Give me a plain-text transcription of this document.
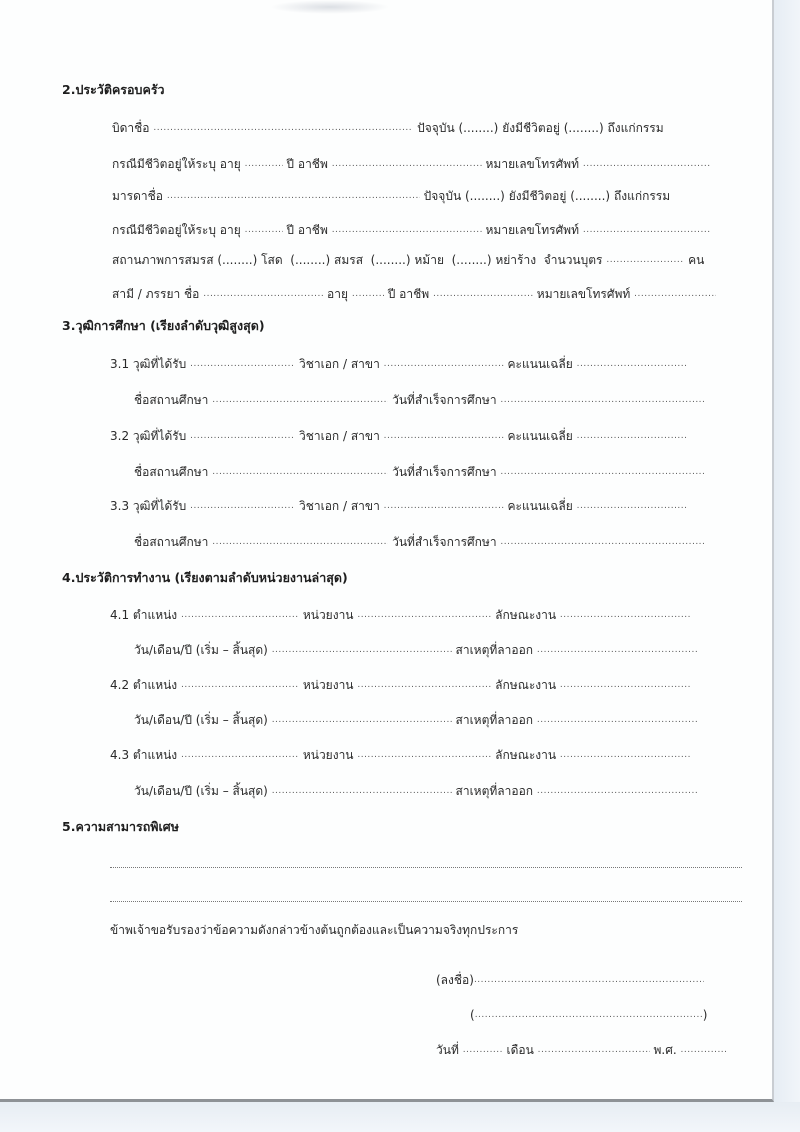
2.ประวัติครอบครัว
บิดาชื่อ .....	ปัจจุบัน (........) ยังมีชีวิตอยู่ (........) ถึงแก่กรรม
กรณีมีชีวิตอยู่ให้ระบุ อายุ .....	ปี อาชีพ .....	หมายเลขโทรศัพท์ .....
มารดาชื่อ .....	ปัจจุบัน (........) ยังมีชีวิตอยู่ (........) ถึงแก่กรรม
กรณีมีชีวิตอยู่ให้ระบุ อายุ .....	ปี อาชีพ .....	หมายเลขโทรศัพท์ .....
สถานภาพการสมรส (........) โสด (........) สมรส (........) หม้าย (........) หย่าร้าง จำนวนบุตร .....	คน
สามี / ภรรยา ชื่อ .....	อายุ .....	ปี อาชีพ .....	หมายเลขโทรศัพท์ .....
3.วุฒิการศึกษา (เรียงลำดับวุฒิสูงสุด)
3.1 วุฒิที่ได้รับ .....	วิชาเอก / สาขา .....	คะแนนเฉลี่ย .....
ชื่อสถานศึกษา .....	วันที่สำเร็จการศึกษา .....
3.2 วุฒิที่ได้รับ .....	วิชาเอก / สาขา .....	คะแนนเฉลี่ย .....
ชื่อสถานศึกษา .....	วันที่สำเร็จการศึกษา .....
3.3 วุฒิที่ได้รับ .....	วิชาเอก / สาขา .....	คะแนนเฉลี่ย .....
ชื่อสถานศึกษา .....	วันที่สำเร็จการศึกษา .....
4.ประวัติการทำงาน (เรียงตามลำดับหน่วยงานล่าสุด)
4.1 ตำแหน่ง .....	หน่วยงาน .....	ลักษณะงาน .....
วัน/เดือน/ปี (เริ่ม – สิ้นสุด) .....	สาเหตุที่ลาออก .....
4.2 ตำแหน่ง .....	หน่วยงาน .....	ลักษณะงาน .....
วัน/เดือน/ปี (เริ่ม – สิ้นสุด) .....	สาเหตุที่ลาออก .....
4.3 ตำแหน่ง .....	หน่วยงาน .....	ลักษณะงาน .....
วัน/เดือน/ปี (เริ่ม – สิ้นสุด) .....	สาเหตุที่ลาออก .....
5.ความสามารถพิเศษ
ข้าพเจ้าขอรับรองว่าข้อความดังกล่าวข้างต้นถูกต้องและเป็นความจริงทุกประการ
(ลงชื่อ).....
( .....	)
วันที่ .....	เดือน .....	พ.ศ. .....
